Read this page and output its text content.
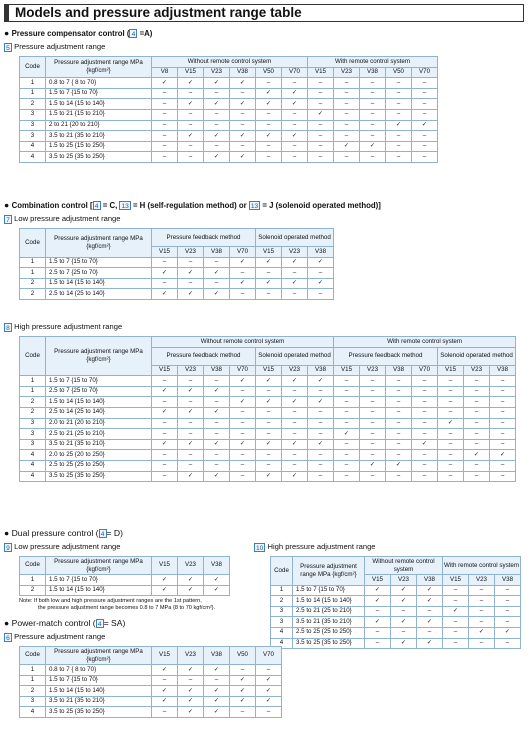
Models and pressure adjustment range table
● Pressure compensator control ( 4 =A)
5 Pressure adjustment range
Code	Pressure adjustment range MPa {kgf/cm²}	Without remote control system						With remote control system				
		V8	V15	V23	V38	V50	V70	V15	V23	V38	V50	V70
1	0.8 to 7 { 8 to 70}	✓	✓	✓	✓	–	–	–	–	–	–	–
1	1.5 to 7 {15 to 70}	–	–	–	–	✓	✓	–	–	–	–	–
2	1.5 to 14 {15 to 140}	–	✓	✓	✓	✓	✓	–	–	–	–	–
3	1.5 to 21 {15 to 210}	–	–	–	–	–	–	✓	–	–	–	–
3	2 to 21 {20 to 210}	–	–	–	–	–	–	–	–	–	✓	✓
3	3.5 to 21 {35 to 210}	–	✓	✓	✓	✓	✓	–	–	–	–	–
4	1.5 to 25 {15 to 250}	–	–	–	–	–	–	–	✓	✓	–	–
4	3.5 to 25 {35 to 250}	–	–	✓	✓	–	–	–	–	–	–	–
● Combination control [ 4 = C, 13 = H (self-regulation method) or 13 = J (solenoid operated method)]
7 Low pressure adjustment range
Code	Pressure adjustment range MPa {kgf/cm²}	Pressure feedback method				Solenoid operated method		
		V15	V23	V38	V70	V15	V23	V38
1	1.5 to 7 {15 to 70}	–	–	–	✓	✓	✓	✓
1	2.5 to 7 {25 to 70}	✓	✓	✓	–	–	–	–
2	1.5 to 14 {15 to 140}	–	–	–	✓	✓	✓	✓
2	2.5 to 14 {25 to 140}	✓	✓	✓	–	–	–	–
8 High pressure adjustment range
Code	Pressure adjustment range MPa {kgf/cm²}	Without remote control system							With remote control system						
		Pressure feedback method				Solenoid operated method			Pressure feedback method				Solenoid operated method		
		V15	V23	V38	V70	V15	V23	V38	V15	V23	V38	V70	V15	V23	V38
1	1.5 to 7 {15 to 70}	–	–	–	✓	✓	✓	✓	–	–	–	–	–	–	–
1	2.5 to 7 {25 to 70}	✓	✓	✓	–	–	–	–	–	–	–	–	–	–	–
2	1.5 to 14 {15 to 140}	–	–	–	✓	✓	✓	✓	–	–	–	–	–	–	–
2	2.5 to 14 {25 to 140}	✓	✓	✓	–	–	–	–	–	–	–	–	–	–	–
3	2.0 to 21 {20 to 210}	–	–	–	–	–	–	–	–	–	–	–	✓	–	–
3	2.5 to 21 {25 to 210}	–	–	–	–	–	–	–	✓	–	–	–	–	–	–
3	3.5 to 21 {35 to 210}	✓	✓	✓	✓	✓	✓	✓	–	–	–	✓	–	–	–
4	2.0 to 25 {20 to 250}	–	–	–	–	–	–	–	–	–	–	–	–	✓	✓
4	2.5 to 25 {25 to 250}	–	–	–	–	–	–	–	–	✓	✓	–	–	–	–
4	3.5 to 25 {35 to 250}	–	✓	✓	–	✓	✓	–	–	–	–	–	–	–	–
● Dual pressure control ( 4 = D)
9 Low pressure adjustment range
Code	Pressure adjustment range MPa {kgf/cm²}	V15	V23	V38
1	1.5 to 7 {15 to 70}	✓	✓	✓
2	1.5 to 14 {15 to 140}	✓	✓	✓
Note: If both low and high pressure adjustment ranges are the 1st pattern,
the pressure adjustment range becomes 0.8 to 7 MPa {8 to 70 kgf/cm²}.
10 High pressure adjustment range
Code	Pressure adjustment range MPa {kgf/cm²}	Without remote control system			With remote control system		
		V15	V23	V38	V15	V23	V38
1	1.5 to 7 {15 to 70}	✓	✓	✓	–	–	–
2	1.5 to 14 {15 to 140}	✓	✓	✓	–	–	–
3	2.5 to 21 {25 to 210}	–	–	–	✓	–	–
3	3.5 to 21 {35 to 210}	✓	✓	✓	–	–	–
4	2.5 to 25 {25 to 250}	–	–	–	–	✓	✓
4	3.5 to 25 {35 to 250}	–	✓	✓	–	–	–
● Power-match control ( 4 = SA)
6 Pressure adjustment range
Code	Pressure adjustment range MPa {kgf/cm²}	V15	V23	V38	V50	V70
1	0.8 to 7 { 8 to 70}	✓	✓	✓	–	–
1	1.5 to 7 {15 to 70}	–	–	–	✓	✓
2	1.5 to 14 {15 to 140}	✓	✓	✓	✓	✓
3	3.5 to 21 {35 to 210}	✓	✓	✓	✓	✓
4	3.5 to 25 {35 to 250}	–	✓	✓	–	–
